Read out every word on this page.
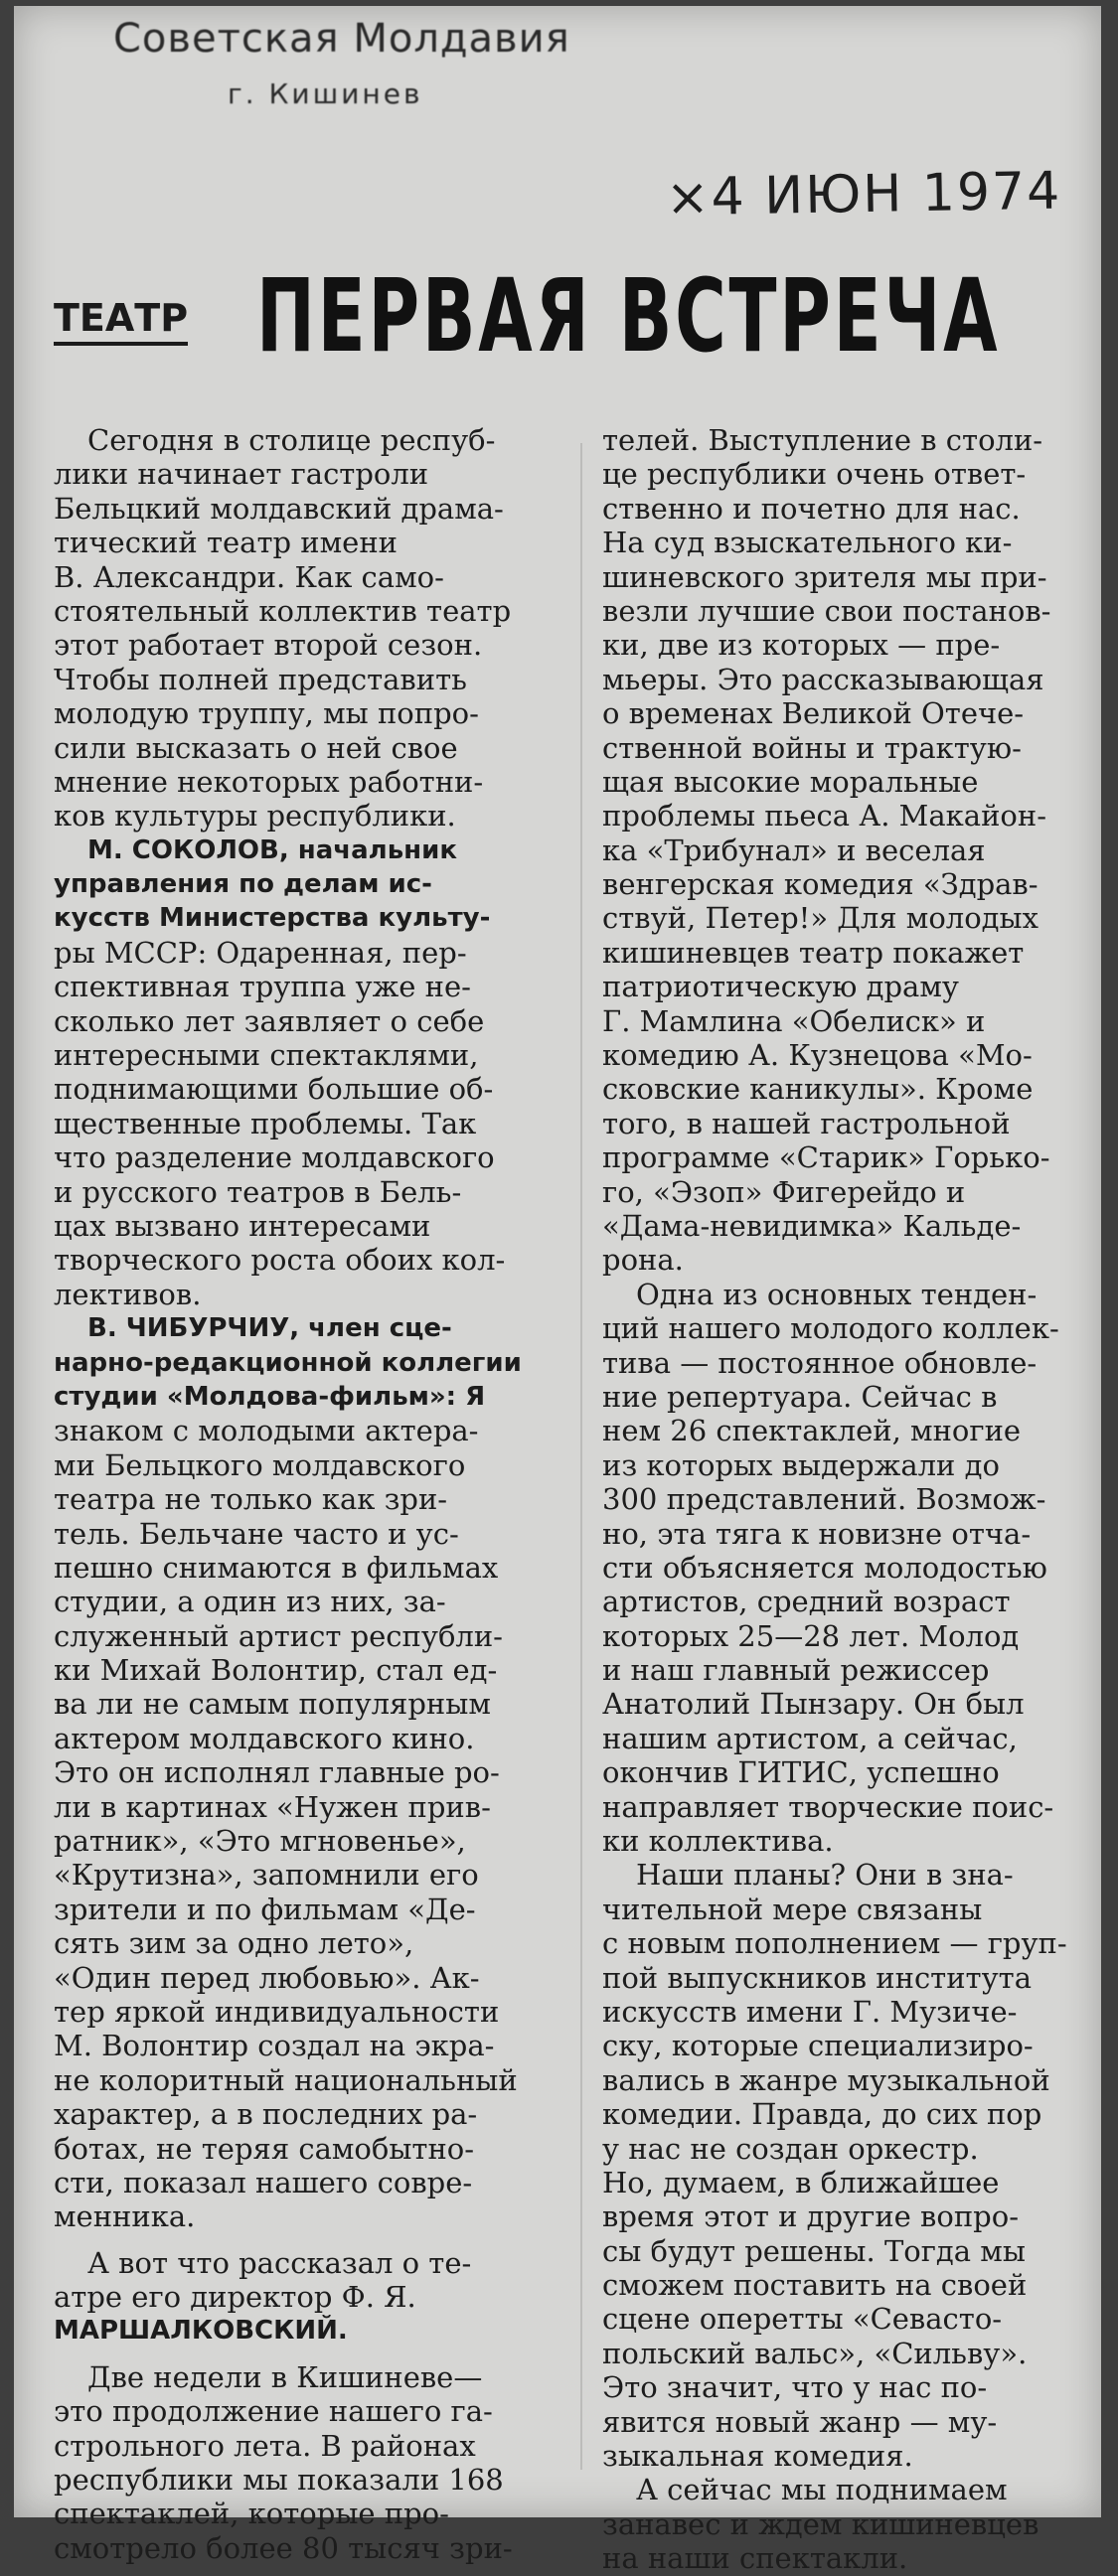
Советская Молдавия
г. Кишинев
×4 ИЮН 1974
ТЕАТР ПЕРВАЯ ВСТРЕЧА
Сегодня в столице респуб-
лики начинает гастроли
Бельцкий молдавский драма-
тический театр имени
В. Александри. Как само-
стоятельный коллектив театр
этот работает второй сезон.
Чтобы полней представить
молодую труппу, мы попро-
сили высказать о ней свое
мнение некоторых работни-
ков культуры республики.
М. СОКОЛОВ, начальник
управления по делам ис-
кусств Министерства культу-
ры МССР: Одаренная, пер-
спективная труппа уже не-
сколько лет заявляет о себе
интересными спектаклями,
поднимающими большие об-
щественные проблемы. Так
что разделение молдавского
и русского театров в Бель-
цах вызвано интересами
творческого роста обоих кол-
лективов.
В. ЧИБУРЧИУ, член сце-
нарно-редакционной коллегии
студии «Молдова-фильм»: Я
знаком с молодыми актера-
ми Бельцкого молдавского
театра не только как зри-
тель. Бельчане часто и ус-
пешно снимаются в фильмах
студии, а один из них, за-
служенный артист республи-
ки Михай Волонтир, стал ед-
ва ли не самым популярным
актером молдавского кино.
Это он исполнял главные ро-
ли в картинах «Нужен прив-
ратник», «Это мгновенье»,
«Крутизна», запомнили его
зрители и по фильмам «Де-
сять зим за одно лето»,
«Один перед любовью». Ак-
тер яркой индивидуальности
М. Волонтир создал на экра-
не колоритный национальный
характер, а в последних ра-
ботах, не теряя самобытно-
сти, показал нашего совре-
менника.
А вот что рассказал о те-
атре его директор Ф. Я.
МАРШАЛКОВСКИЙ.
Две недели в Кишиневе—
это продолжение нашего га-
строльного лета. В районах
республики мы показали 168
спектаклей, которые про-
смотрело более 80 тысяч зри-
телей. Выступление в столи-
це республики очень ответ-
ственно и почетно для нас.
На суд взыскательного ки-
шиневского зрителя мы при-
везли лучшие свои постанов-
ки, две из которых — пре-
мьеры. Это рассказывающая
о временах Великой Отече-
ственной войны и трактую-
щая высокие моральные
проблемы пьеса А. Макайон-
ка «Трибунал» и веселая
венгерская комедия «Здрав-
ствуй, Петер!» Для молодых
кишиневцев театр покажет
патриотическую драму
Г. Мамлина «Обелиск» и
комедию А. Кузнецова «Мо-
сковские каникулы». Кроме
того, в нашей гастрольной
программе «Старик» Горько-
го, «Эзоп» Фигерейдо и
«Дама-невидимка» Кальде-
рона.
Одна из основных тенден-
ций нашего молодого коллек-
тива — постоянное обновле-
ние репертуара. Сейчас в
нем 26 спектаклей, многие
из которых выдержали до
300 представлений. Возмож-
но, эта тяга к новизне отча-
сти объясняется молодостью
артистов, средний возраст
которых 25—28 лет. Молод
и наш главный режиссер
Анатолий Пынзару. Он был
нашим артистом, а сейчас,
окончив ГИТИС, успешно
направляет творческие поис-
ки коллектива.
Наши планы? Они в зна-
чительной мере связаны
с новым пополнением — груп-
пой выпускников института
искусств имени Г. Музиче-
ску, которые специализиро-
вались в жанре музыкальной
комедии. Правда, до сих пор
у нас не создан оркестр.
Но, думаем, в ближайшее
время этот и другие вопро-
сы будут решены. Тогда мы
сможем поставить на своей
сцене оперетты «Севасто-
польский вальс», «Сильву».
Это значит, что у нас по-
явится новый жанр — му-
зыкальная комедия.
А сейчас мы поднимаем
занавес и ждем кишиневцев
на наши спектакли.
